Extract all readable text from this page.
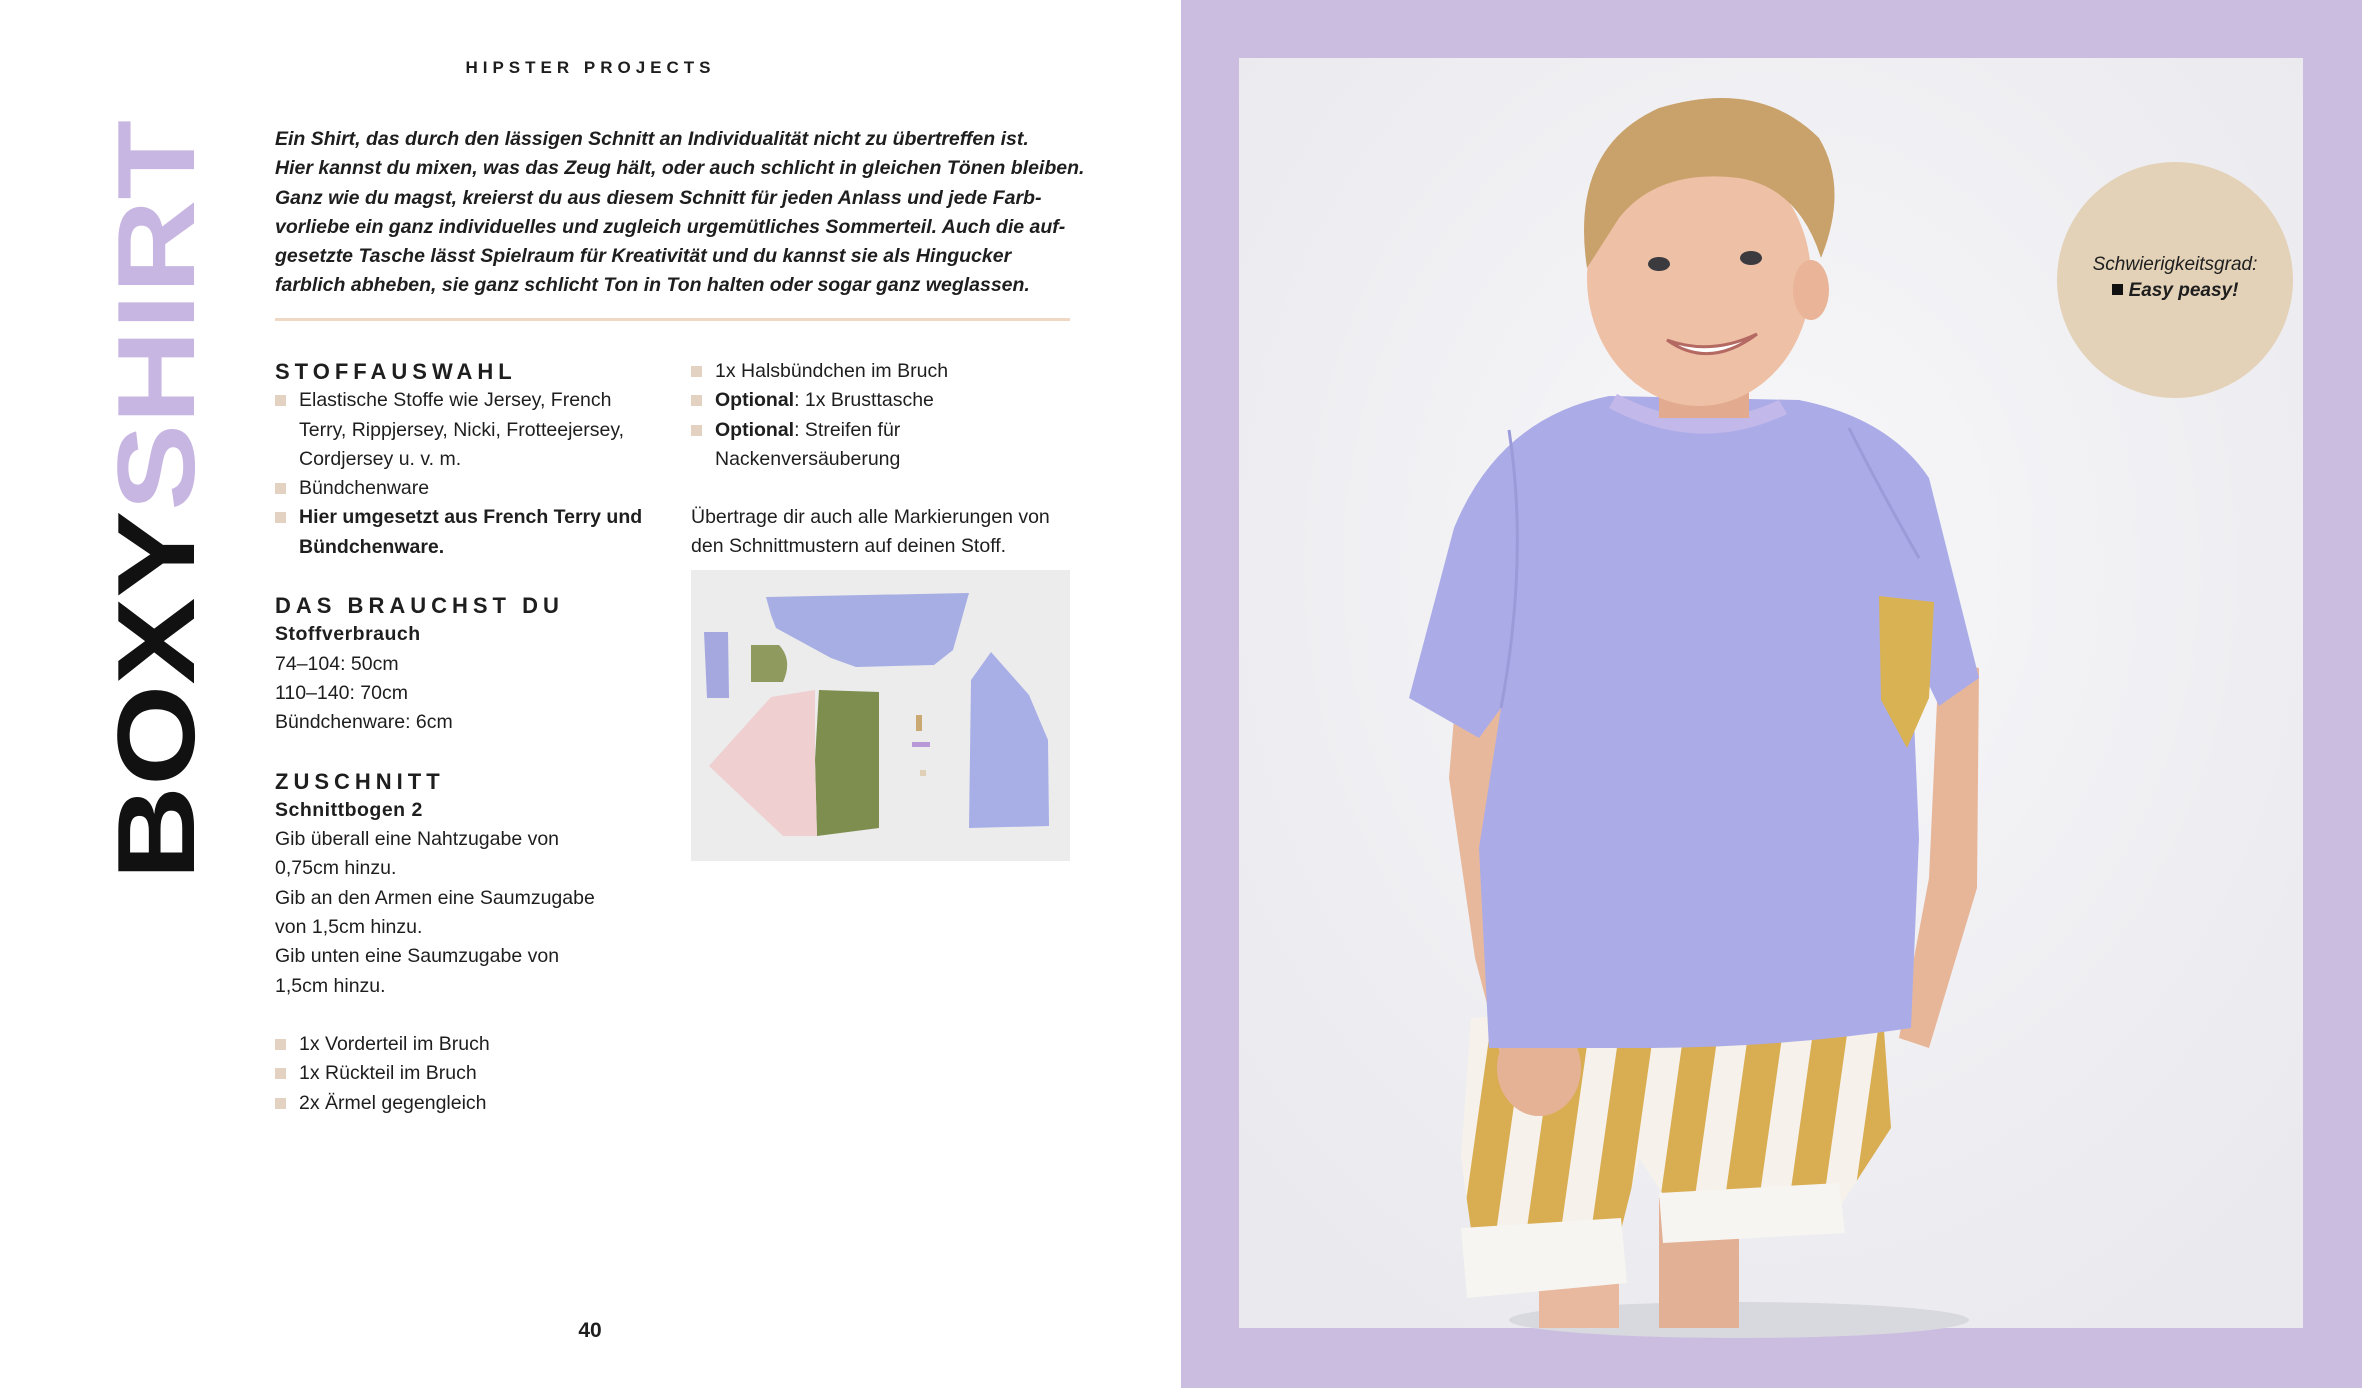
HIPSTER PROJECTS
BOXYSHIRT

Ein Shirt, das durch den lässigen Schnitt an Individualität nicht zu übertreffen ist.

Hier kannst du mixen, was das Zeug hält, oder auch schlicht in gleichen Tönen bleiben.

Ganz wie du magst, kreierst du aus diesem Schnitt für jeden Anlass und jede Farb-

vorliebe ein ganz individuelles und zugleich urgemütliches Sommerteil. Auch die auf-

gesetzte Tasche lässt Spielraum für Kreativität und du kannst sie als Hingucker

farblich abheben, sie ganz schlicht Ton in Ton halten oder sogar ganz weglassen.

STOFFAUSWAHL
Elastische Stoffe wie Jersey, French
Terry, Rippjersey, Nicki, Frotteejersey,
Cordjersey u. v. m.
Bündchenware
Hier umgesetzt aus French Terry und Bündchenware.
DAS BRAUCHST DU
Stoffverbrauch
74–104: 50cm
110–140: 70cm
Bündchenware: 6cm
ZUSCHNITT
Schnittbogen 2
Gib überall eine Nahtzugabe von
0,75cm hinzu.
Gib an den Armen eine Saumzugabe
von 1,5cm hinzu.
Gib unten eine Saumzugabe von
1,5cm hinzu.
1x Vorderteil im Bruch
1x Rückteil im Bruch
2x Ärmel gegengleich
1x Halsbündchen im Bruch
Optional: 1x Brusttasche
Optional: Streifen für
Nackenversäuberung
Übertrage dir auch alle Markierungen von
den Schnittmustern auf deinen Stoff.
40
Schwierigkeitsgrad:
Easy peasy!
